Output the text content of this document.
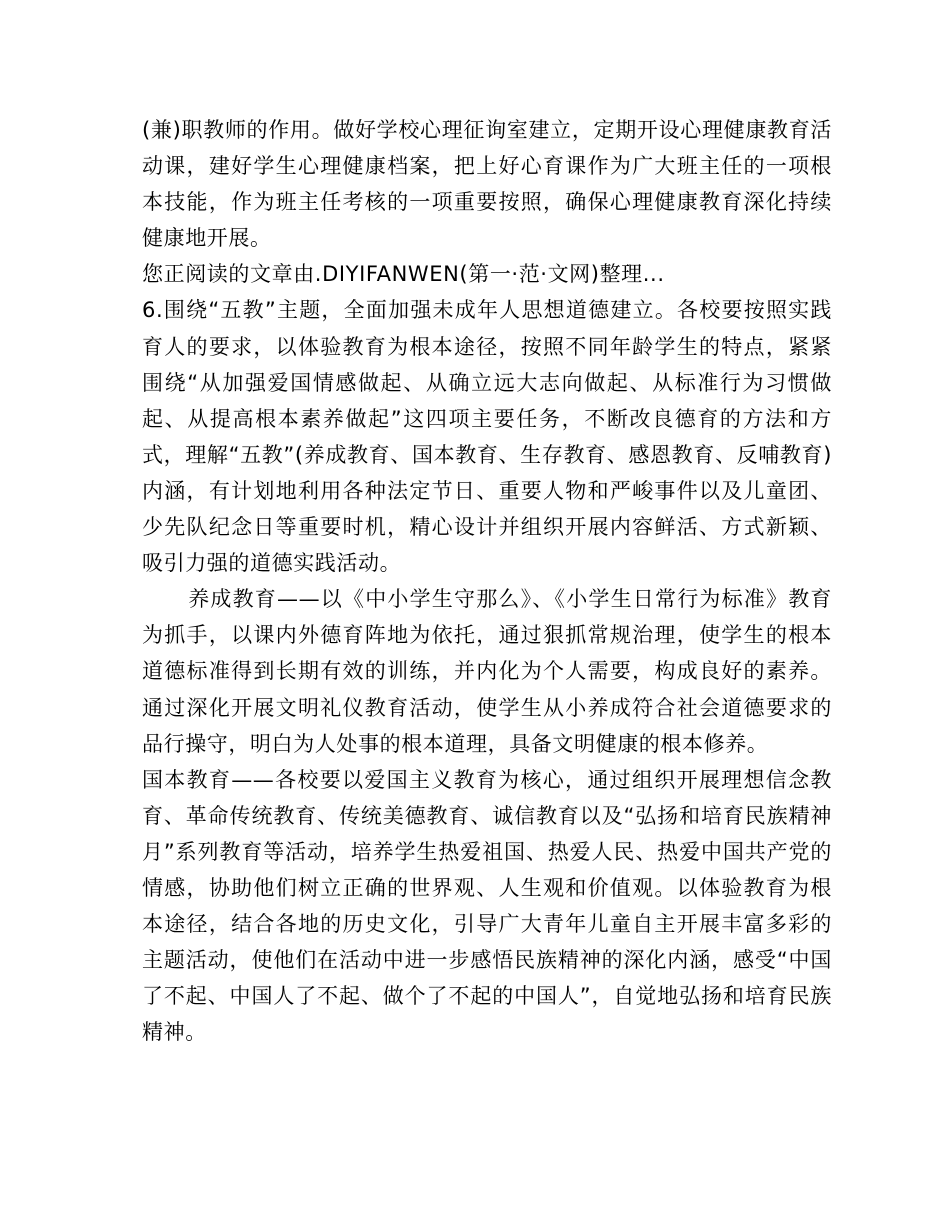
(兼)职教师的作用。做好学校心理征询室建立，定期开设心理健康教育活动课，建好学生心理健康档案，把上好心育课作为广大班主任的一项根本技能，作为班主任考核的一项重要按照，确保心理健康教育深化持续健康地开展。

您正阅读的文章由.DIYIFANWEN(第一·范·文网)整理...

6.围绕“五教”主题，全面加强未成年人思想道德建立。各校要按照实践育人的要求，以体验教育为根本途径，按照不同年龄学生的特点，紧紧围绕“从加强爱国情感做起、从确立远大志向做起、从标准行为习惯做起、从提高根本素养做起”这四项主要任务，不断改良德育的方法和方式，理解“五教”(养成教育、国本教育、生存教育、感恩教育、反哺教育)内涵，有计划地利用各种法定节日、重要人物和严峻事件以及儿童团、少先队纪念日等重要时机，精心设计并组织开展内容鲜活、方式新颖、吸引力强的道德实践活动。

养成教育——以《中小学生守那么》、《小学生日常行为标准》教育为抓手，以课内外德育阵地为依托，通过狠抓常规治理，使学生的根本道德标准得到长期有效的训练，并内化为个人需要，构成良好的素养。通过深化开展文明礼仪教育活动，使学生从小养成符合社会道德要求的品行操守，明白为人处事的根本道理，具备文明健康的根本修养。

国本教育——各校要以爱国主义教育为核心，通过组织开展理想信念教育、革命传统教育、传统美德教育、诚信教育以及“弘扬和培育民族精神月”系列教育等活动，培养学生热爱祖国、热爱人民、热爱中国共产党的情感，协助他们树立正确的世界观、人生观和价值观。以体验教育为根本途径，结合各地的历史文化，引导广大青年儿童自主开展丰富多彩的主题活动，使他们在活动中进一步感悟民族精神的深化内涵，感受“中国了不起、中国人了不起、做个了不起的中国人”，自觉地弘扬和培育民族精神。
